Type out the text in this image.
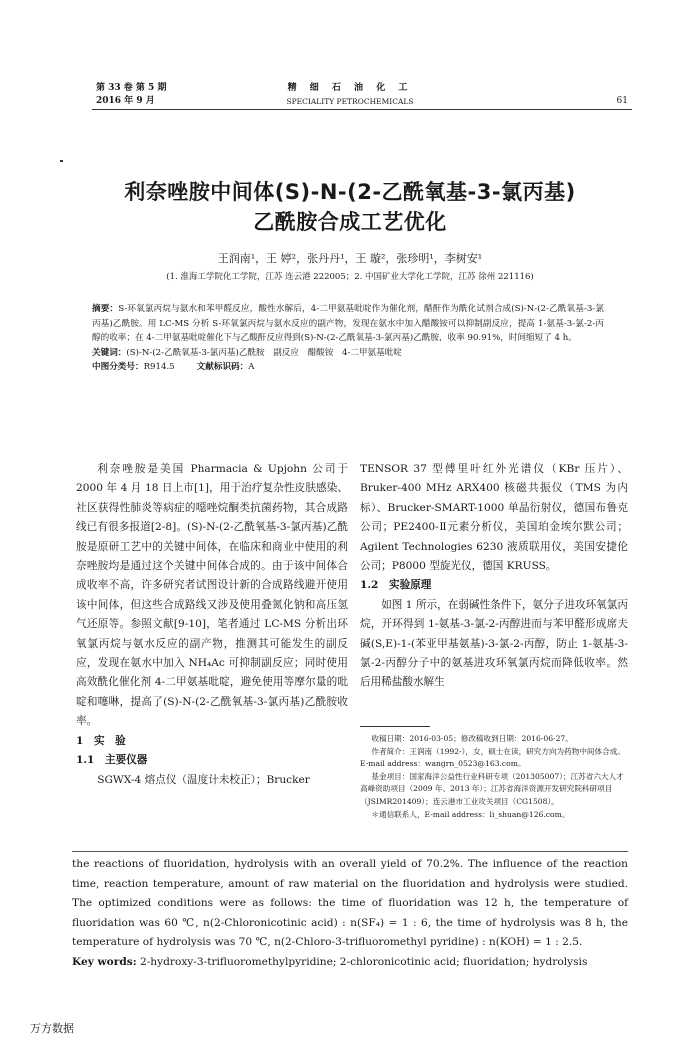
第 33 卷 第 5 期
2016 年 9 月
精 细 石 油 化 工
SPECIALITY PETROCHEMICALS	61
利奈唑胺中间体(S)-N-(2-乙酰氧基-3-氯丙基)
乙酰胺合成工艺优化
王润南¹，王 婷²，张丹丹¹，王 璇²，张珍明¹，李树安¹
(1. 淮海工学院化工学院，江苏 连云港 222005；2. 中国矿业大学化工学院，江苏 徐州 221116)
摘要：S-环氧氯丙烷与氨水和苯甲醛反应，酸性水解后，4-二甲氨基吡啶作为催化剂，醋酐作为酰化试剂合成(S)-N-(2-乙酰氧基-3-氯丙基)乙酰胺。用 LC-MS 分析 S-环氧氯丙烷与氨水反应的副产物，发现在氨水中加入醋酸铵可以抑制副反应，提高 1-氨基-3-氯-2-丙醇的收率；在 4-二甲氨基吡啶催化下与乙酸酐反应得到(S)-N-(2-乙酰氧基-3-氯丙基)乙酰胺，收率 90.91%，时间缩短了 4 h。
关键词：(S)-N-(2-乙酰氧基-3-氯丙基)乙酰胺　副反应　醋酸铵　4-二甲氨基吡啶
中图分类号：R914.5	文献标识码：A

利奈唑胺是美国 Pharmacia & Upjohn 公司于 2000 年 4 月 18 日上市[1]，用于治疗复杂性皮肤感染、社区获得性肺炎等病症的噁唑烷酮类抗菌药物，其合成路线已有很多报道[2-8]。(S)-N-(2-乙酰氧基-3-氯丙基)乙酰胺是原研工艺中的关键中间体，在临床和商业中使用的利奈唑胺均是通过这个关键中间体合成的。由于该中间体合成收率不高，许多研究者试图设计新的合成路线避开使用该中间体，但这些合成路线又涉及使用叠氮化钠和高压氢气还原等。参照文献[9-10]，笔者通过 LC-MS 分析出环氧氯丙烷与氨水反应的副产物，推测其可能发生的副反应，发现在氨水中加入 NH₄Ac 可抑制副反应；同时使用高效酰化催化剂 4-二甲氨基吡啶，避免使用等摩尔量的吡啶和噻啉，提高了(S)-N-(2-乙酰氧基-3-氯丙基)乙酰胺收率。

1　实　验

1.1　主要仪器

SGWX-4 熔点仪（温度计未校正）；Brucker

TENSOR 37 型傅里叶红外光谱仪（KBr 压片）、Bruker-400 MHz ARX400 核磁共振仪（TMS 为内标）、Brucker-SMART-1000 单晶衍射仪，德国布鲁克公司；PE2400-Ⅱ元素分析仪，美国珀金埃尔默公司；Agilent Technologies 6230 液质联用仪，美国安捷伦公司；P8000 型旋光仪，德国 KRUSS。

1.2　实验原理

如图 1 所示，在弱碱性条件下，氨分子进攻环氧氯丙烷，开环得到 1-氨基-3-氯-2-丙醇进而与苯甲醛形成席夫碱(S,E)-1-(苯亚甲基氨基)-3-氯-2-丙醇，防止 1-氨基-3-氯-2-丙醇分子中的氨基进攻环氧氯丙烷而降低收率。然后用稀盐酸水解生

收稿日期：2016-03-05；修改稿收到日期：2016-06-27。

作者简介：王润南（1992-），女，硕士在读，研究方向为药物中间体合成。E-mail address：wangrn_0523@163.com。

基金项目：国家海洋公益性行业科研专项（201305007）；江苏省六大人才高峰资助项目（2009 年、2013 年）；江苏省海洋资源开发研究院科研项目（JSIMR201409）；连云港市工业攻关项目（CG1508）。

＊通信联系人，E-mail address：li_shuan@126.com。

the reactions of fluoridation, hydrolysis with an overall yield of 70.2%. The influence of the reaction time, reaction temperature, amount of raw material on the fluoridation and hydrolysis were studied. The optimized conditions were as follows: the time of fluoridation was 12 h, the temperature of fluoridation was 60 ℃, n(2-Chloronicotinic acid) : n(SF₄) = 1 : 6, the time of hydrolysis was 8 h, the temperature of hydrolysis was 70 ℃, n(2-Chloro-3-trifluoromethyl pyridine) : n(KOH) = 1 : 2.5.
Key words: 2-hydroxy-3-trifluoromethylpyridine; 2-chloronicotinic acid; fluoridation; hydrolysis
万方数据
